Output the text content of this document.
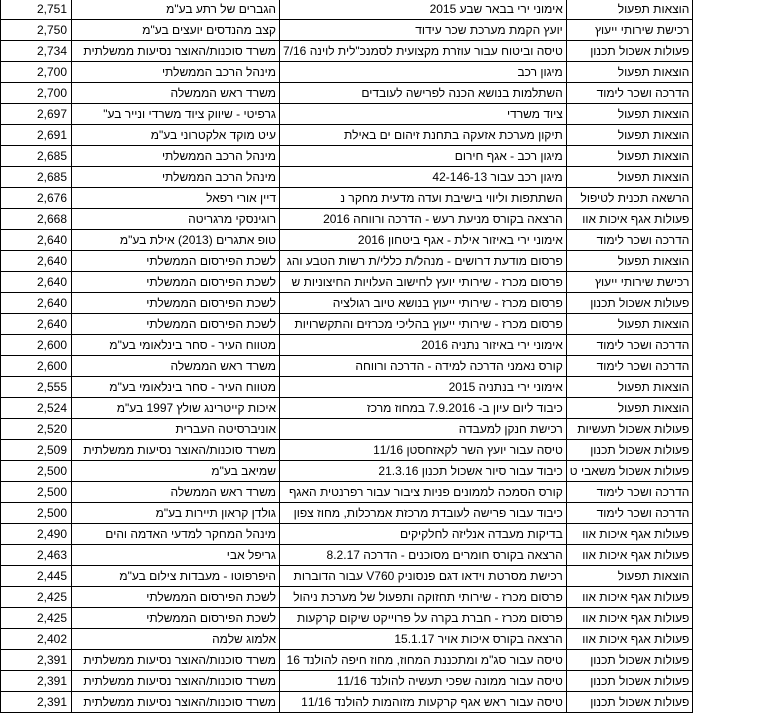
2,751	הגברים של רתע בע"מ	אימוני ירי בבאר שבע 2015	הוצאות תפעול
2,750	קצב מהנדסים יועצים בע"מ	יועץ הקמת מערכת שכר עידוד	רכישת שירותי ייעוץ
2,734	משרד סוכנות/האוצר נסיעות ממשלתית	טיסה וביטוח עבור עוזרת מקצועית לסמנכ"לית לוינה 7/16	פעולות אשכול תכנון
2,700	מינהל הרכב הממשלתי	מיגון רכב	הוצאות תפעול
2,700	משרד ראש הממשלה	השתלמות בנושא הכנה לפרישה לעובדים	הדרכה ושכר לימוד
2,697	גרפיטי - שיווק ציוד משרדי ונייר בע"	ציוד משרדי	הוצאות תפעול
2,691	עיט מוקד אלקטרוני בע"מ	תיקון מערכת אזעקה בתחנת זיהום ים באילת	הוצאות תפעול
2,685	מינהל הרכב הממשלתי	מיגון רכב - אגף חירום	הוצאות תפעול
2,685	מינהל הרכב הממשלתי	מיגון רכב עבור 42-146-13	הוצאות תפעול
2,676	דיין אורי רפאל	השתתפות וליווי בישיבת ועדה מדעית מחקר נ	הרשאה תכנית לטיפול
2,668	רוגינסקי מרגריטה	הרצאה בקורס מניעת רעש - הדרכה ורווחה 2016	פעולות אגף איכות אוו
2,640	טופ אתגרים (2013) אילת בע"מ	אימוני ירי באיזור אילת - אגף ביטחון 2016	הדרכה ושכר לימוד
2,640	לשכת הפירסום הממשלתי	פרסום מודעת דרושים - מנהל/ת כללי/ת רשות הטבע והג	הוצאות תפעול
2,640	לשכת הפירסום הממשלתי	פרסום מכרז - שירותי יועץ לחישוב העלויות החיצוניות ש	רכישת שירותי ייעוץ
2,640	לשכת הפירסום הממשלתי	פרסום מכרז - שירותי ייעוץ בנושא טיוב רגולציה	פעולות אשכול תכנון
2,640	לשכת הפירסום הממשלתי	פרסום מכרז - שירותי ייעוץ בהליכי מכרזים והתקשרויות	הוצאות תפעול
2,600	מטווח העיר - סחר בינלאומי בע"מ	אימוני ירי באיזור נתניה 2016	הדרכה ושכר לימוד
2,600	משרד ראש הממשלה	קורס נאמני הדרכה למידה - הדרכה ורווחה	הדרכה ושכר לימוד
2,555	מטווח העיר - סחר בינלאומי בע"מ	אימוני ירי בנתניה 2015	הוצאות תפעול
2,524	איכות קייטרינג שולץ 1997 בע"מ	כיבוד ליום עיון ב- 7.9.2016 במחוז מרכז	הוצאות תפעול
2,520	אוניברסיטה העברית	רכישת חנקן למעבדה	פעולות אשכול תעשיות
2,509	משרד סוכנות/האוצר נסיעות ממשלתית	טיסה עבור יועץ השר לקאזחסטן 11/16	פעולות אשכול תכנון
2,500	שמיאב בע"מ	כיבוד עבור סיור אשכול תכנון 21.3.16	פעולות אשכול משאבי ט
2,500	משרד ראש הממשלה	קורס הסמכה לממונים פניות ציבור עבור רפרנטית האגף	הדרכה ושכר לימוד
2,500	גולדן קראון תיירות בע"מ	כיבוד עבור פרישה לעובדת מרכזת אמרכלות, מחוז צפון	הדרכה ושכר לימוד
2,490	מינהל המחקר למדעי האדמה והים	בדיקות מעבדה אנליזה לחלקיקים	פעולות אגף איכות אוו
2,463	גריפל אבי	הרצאה בקורס חומרים מסוכנים - הדרכה 8.2.17	פעולות אגף איכות אוו
2,445	היפרפוטו - מעבדות צילום בע"מ	רכישת מסרטת וידאו דגם פנסוניק V760 עבור הדוברות	הוצאות תפעול
2,425	לשכת הפירסום הממשלתי	פרסום מכרז - שירותי תחזוקה ותפעול של מערכת ניהול	פעולות אגף איכות אוו
2,425	לשכת הפירסום הממשלתי	פרסום מכרז - חברת בקרה על פרוייקט שיקום קרקעות	פעולות אגף איכות אוו
2,402	אלמוג שלמה	הרצאה בקורס איכות אויר 15.1.17	פעולות אגף איכות אוו
2,391	משרד סוכנות/האוצר נסיעות ממשלתית	טיסה עבור סג"מ ומתכננת המחוז, מחוז חיפה להולנד 16	פעולות אשכול תכנון
2,391	משרד סוכנות/האוצר נסיעות ממשלתית	טיסה עבור ממונה שפכי תעשיה להולנד 11/16	פעולות אשכול תכנון
2,391	משרד סוכנות/האוצר נסיעות ממשלתית	טיסה עבור ראש אגף קרקעות מזוהמות להולנד 11/16	פעולות אשכול תכנון
